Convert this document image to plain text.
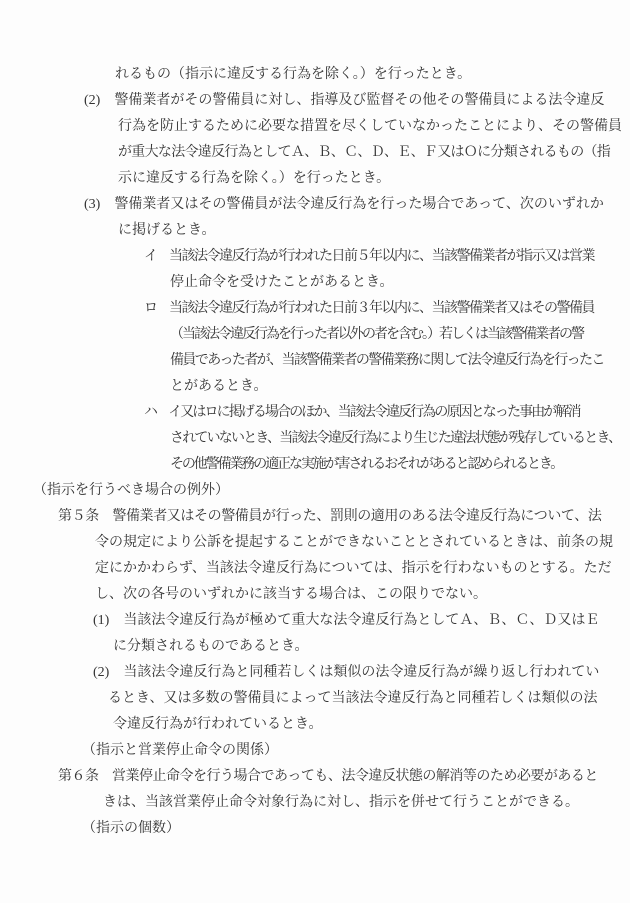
れるもの（指示に違反する行為を除く。）を行ったとき。
(2)　警備業者がその警備員に対し、指導及び監督その他その警備員による法令違反
行為を防止するために必要な措置を尽くしていなかったことにより、その警備員
が重大な法令違反行為としてＡ、Ｂ、Ｃ、Ｄ、Ｅ、Ｆ又はＯに分類されるもの（指
示に違反する行為を除く。）を行ったとき。
(3)　警備業者又はその警備員が法令違反行為を行った場合であって、次のいずれか
に掲げるとき。
イ　当該法令違反行為が行われた日前５年以内に、当該警備業者が指示又は営業
停止命令を受けたことがあるとき。
ロ　当該法令違反行為が行われた日前３年以内に、当該警備業者又はその警備員
（当該法令違反行為を行った者以外の者を含む。）若しくは当該警備業者の警
備員であった者が、当該警備業者の警備業務に関して法令違反行為を行ったこ
とがあるとき。
ハ　イ又はロに掲げる場合のほか、当該法令違反行為の原因となった事由が解消
されていないとき、当該法令違反行為により生じた違法状態が残存しているとき、
その他警備業務の適正な実施が害されるおそれがあると認められるとき。
（指示を行うべき場合の例外）
第５条　警備業者又はその警備員が行った、罰則の適用のある法令違反行為について、法
令の規定により公訴を提起することができないこととされているときは、前条の規
定にかかわらず、当該法令違反行為については、指示を行わないものとする。ただ
し、次の各号のいずれかに該当する場合は、この限りでない。
(1)　当該法令違反行為が極めて重大な法令違反行為としてＡ、Ｂ、Ｃ、Ｄ又はＥ
に分類されるものであるとき。
(2)　当該法令違反行為と同種若しくは類似の法令違反行為が繰り返し行われてい
るとき、又は多数の警備員によって当該法令違反行為と同種若しくは類似の法
令違反行為が行われているとき。
（指示と営業停止命令の関係）
第６条　営業停止命令を行う場合であっても、法令違反状態の解消等のため必要があると
きは、当該営業停止命令対象行為に対し、指示を併せて行うことができる。
（指示の個数）
